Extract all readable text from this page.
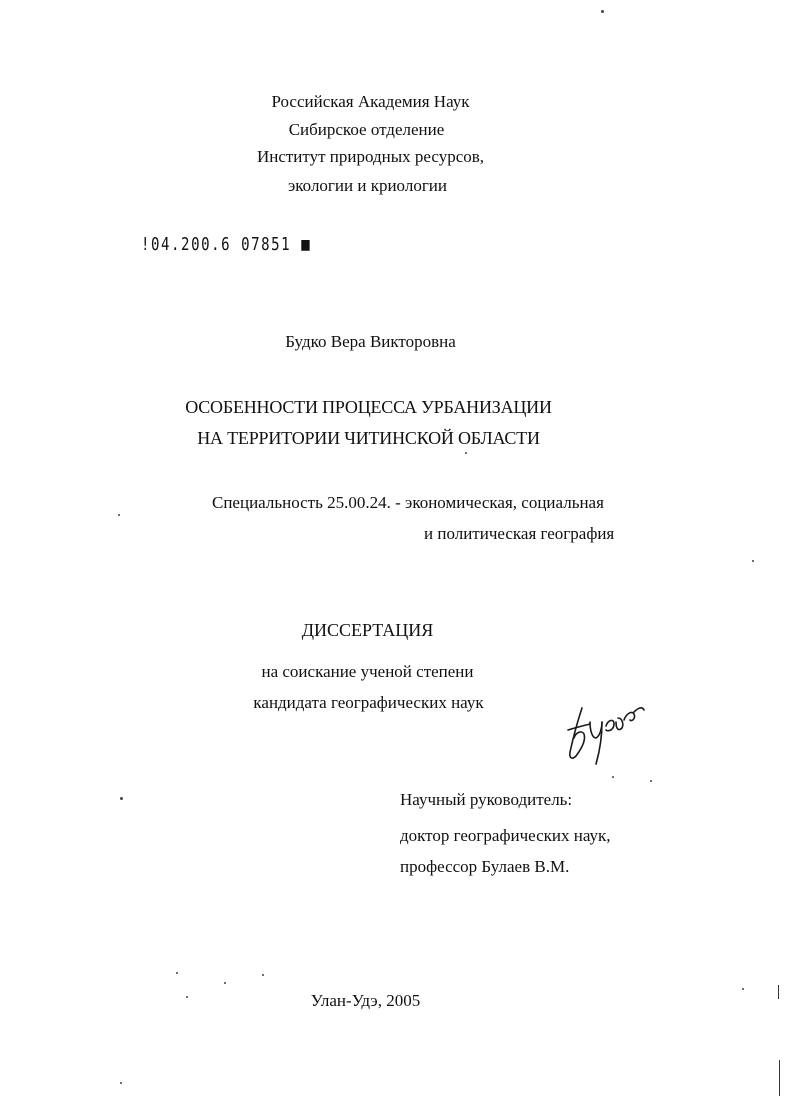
Российская Академия Наук
Сибирское отделение
Институт природных ресурсов,
экологии и криологии
!04.200.6 07851 ■
Будко Вера Викторовна
ОСОБЕННОСТИ ПРОЦЕССА УРБАНИЗАЦИИ
НА ТЕРРИТОРИИ ЧИТИНСКОЙ ОБЛАСТИ
Специальность 25.00.24. - экономическая, социальная
и политическая география
ДИССЕРТАЦИЯ
на соискание ученой степени
кандидата географических наук
Научный руководитель:
доктор географических наук,
профессор Булаев В.М.
Улан-Удэ, 2005
